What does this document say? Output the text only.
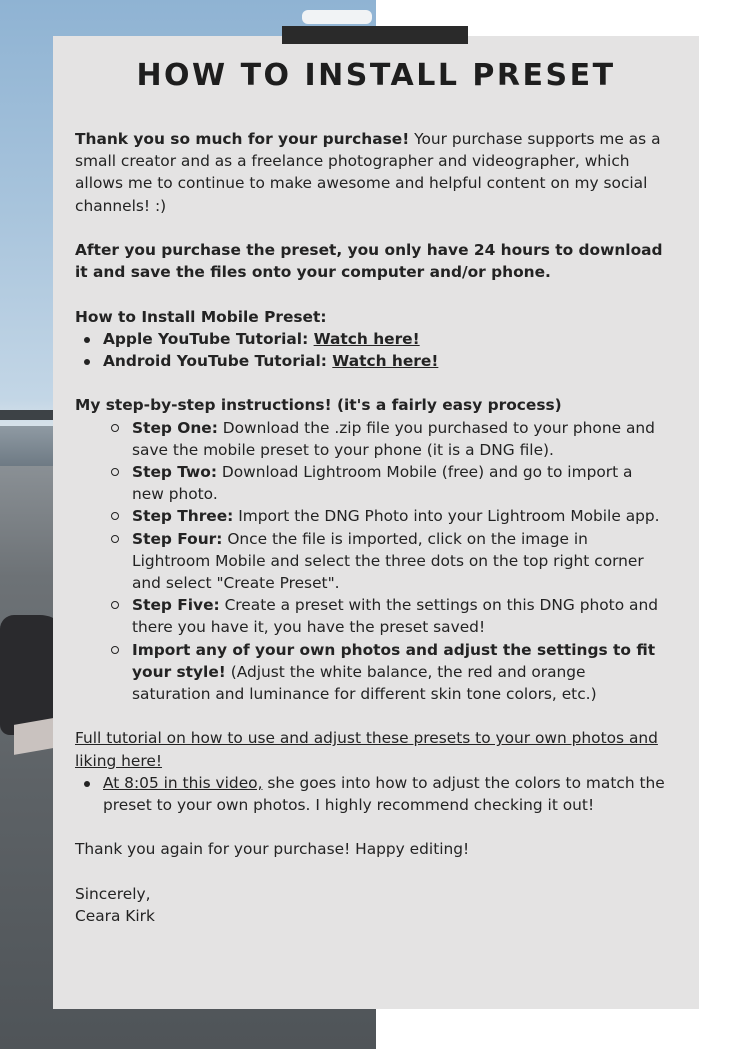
HOW TO INSTALL PRESET

Thank you so much for your purchase! Your purchase supports me as a small creator and as a freelance photographer and videographer, which allows me to continue to make awesome and helpful content on my social channels! :)

After you purchase the preset, you only have 24 hours to download it and save the files onto your computer and/or phone.

How to Install Mobile Preset:

Apple YouTube Tutorial: Watch here!
Android YouTube Tutorial: Watch here!

My step-by-step instructions! (it's a fairly easy process)

Step One: Download the .zip file you purchased to your phone and save the mobile preset to your phone (it is a DNG file).
Step Two: Download Lightroom Mobile (free) and go to import a new photo.
Step Three: Import the DNG Photo into your Lightroom Mobile app.
Step Four: Once the file is imported, click on the image in Lightroom Mobile and select the three dots on the top right corner and select "Create Preset".
Step Five: Create a preset with the settings on this DNG photo and there you have it, you have the preset saved!
Import any of your own photos and adjust the settings to fit your style! (Adjust the white balance, the red and orange saturation and luminance for different skin tone colors, etc.)

Full tutorial on how to use and adjust these presets to your own photos and liking here!

At 8:05 in this video, she goes into how to adjust the colors to match the preset to your own photos. I highly recommend checking it out!

Thank you again for your purchase! Happy editing!

Sincerely,

Ceara Kirk
